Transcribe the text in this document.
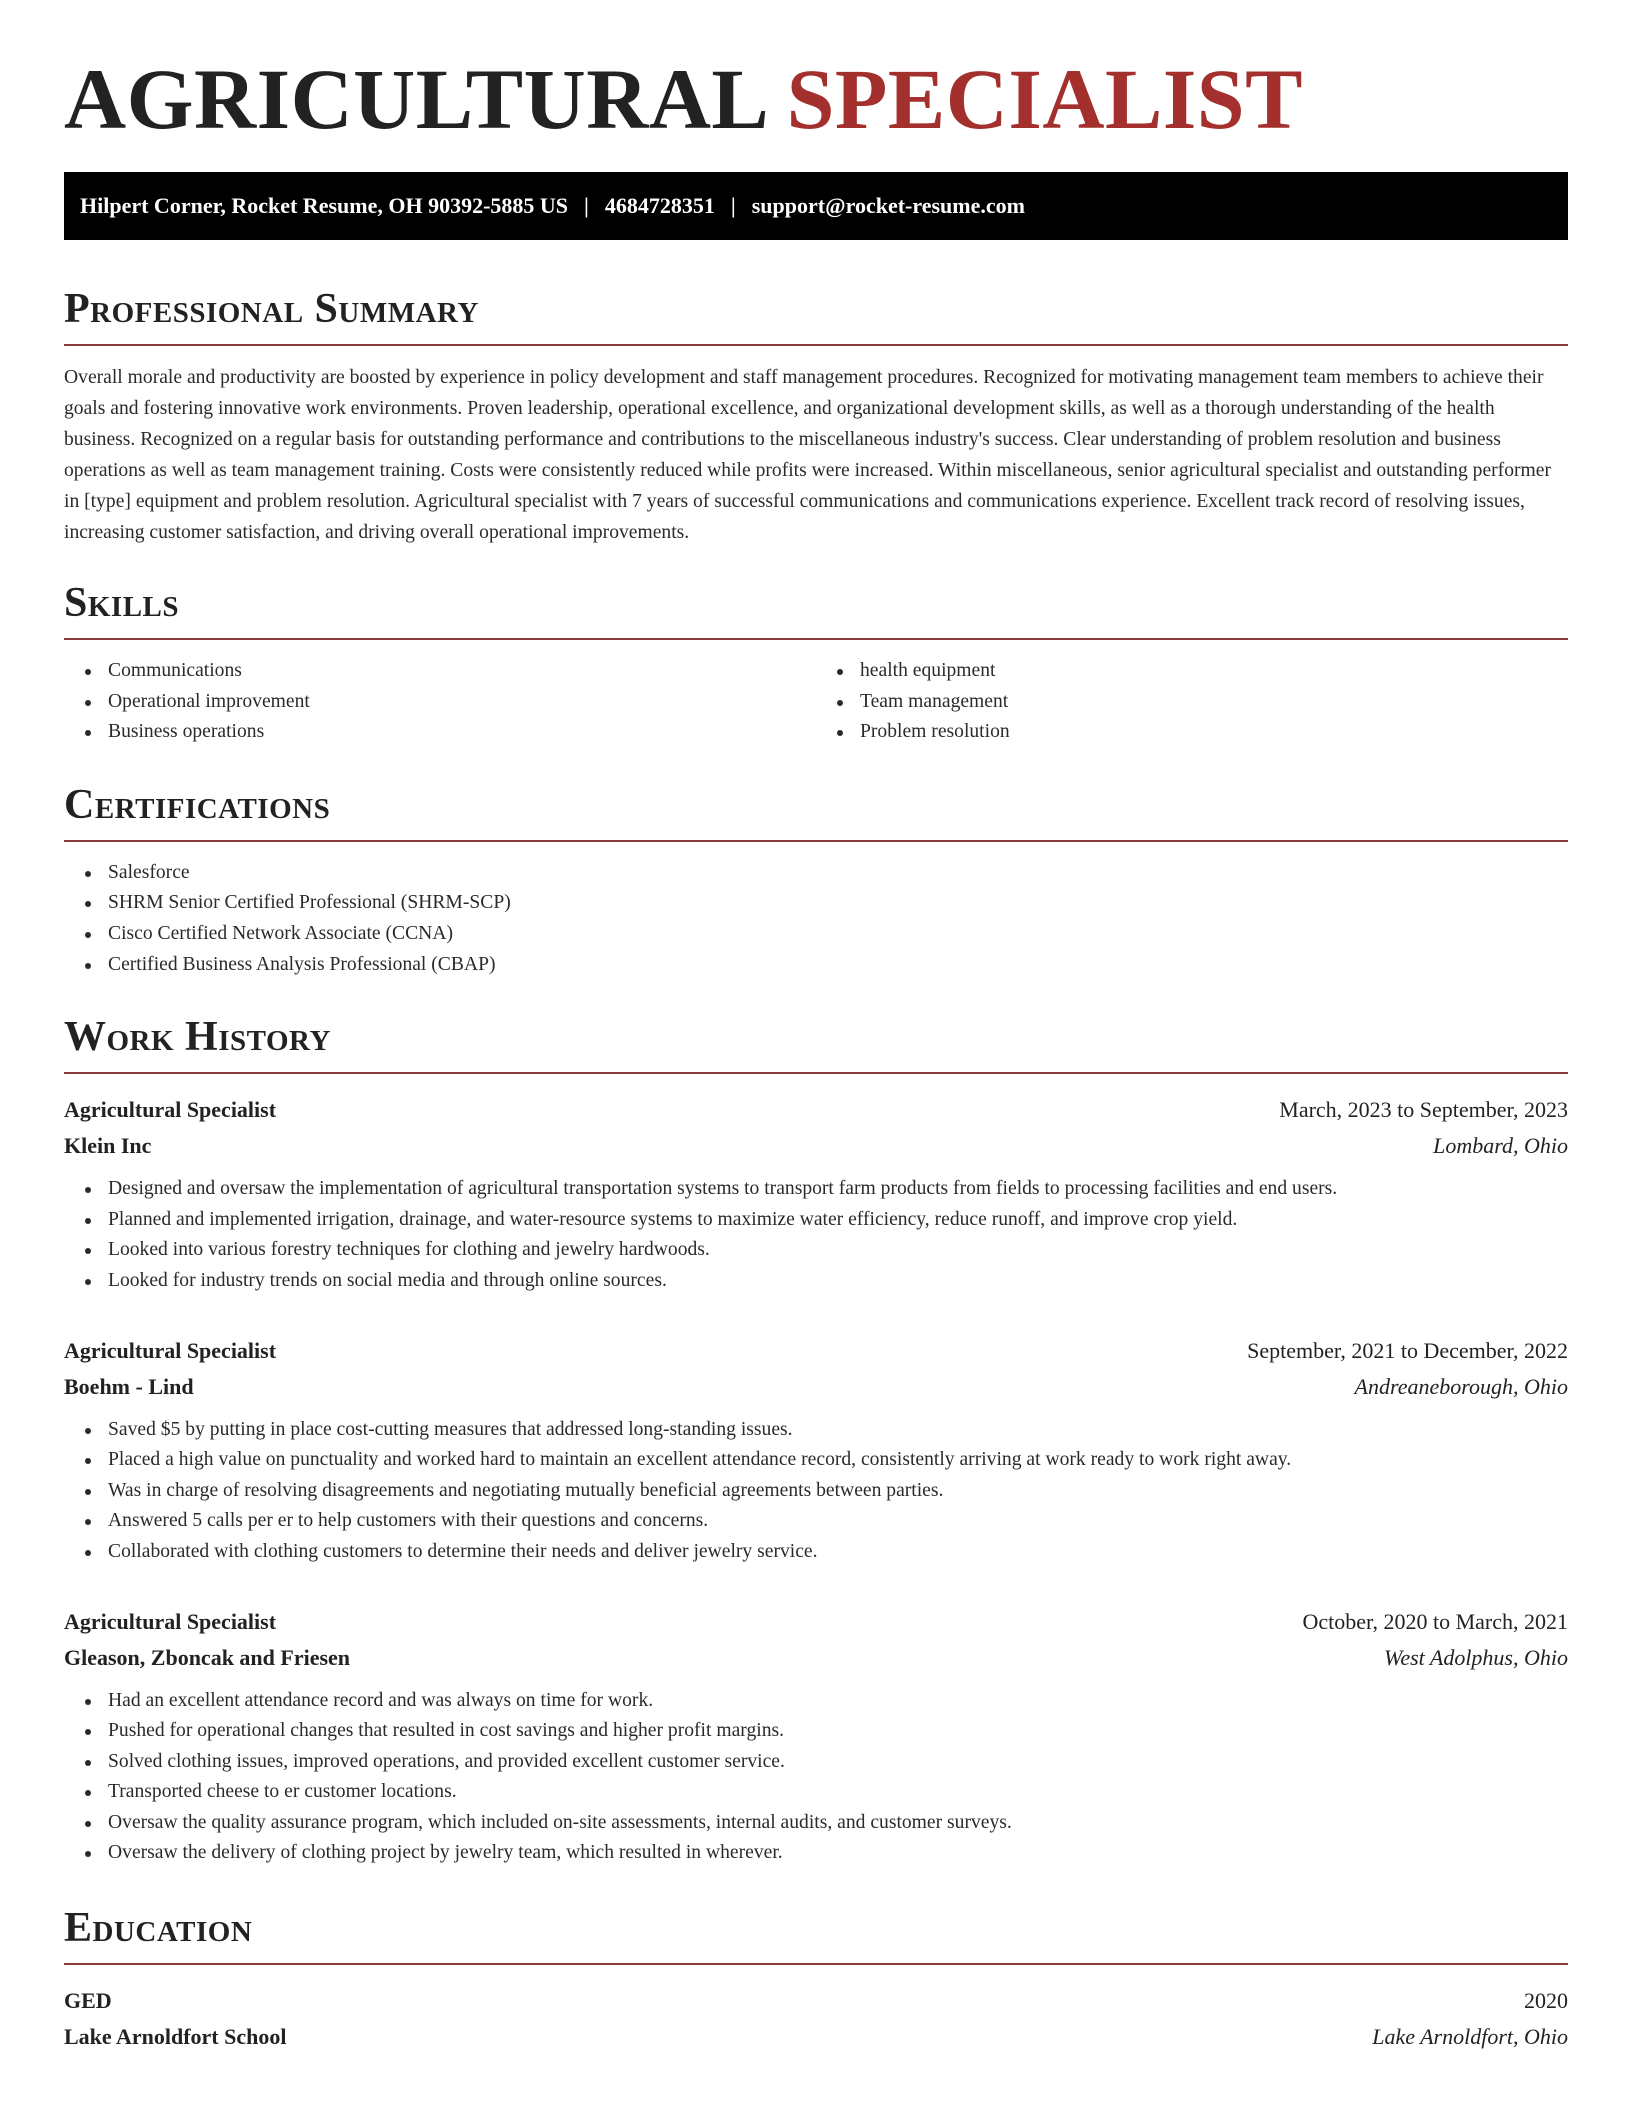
AGRICULTURAL SPECIALIST
Hilpert Corner, Rocket Resume, OH 90392-5885 US | 4684728351 | support@rocket-resume.com
Professional Summary

Overall morale and productivity are boosted by experience in policy development and staff management procedures. Recognized for motivating management team members to achieve their goals and fostering innovative work environments. Proven leadership, operational excellence, and organizational development skills, as well as a thorough understanding of the health business. Recognized on a regular basis for outstanding performance and contributions to the miscellaneous industry's success. Clear understanding of problem resolution and business operations as well as team management training. Costs were consistently reduced while profits were increased. Within miscellaneous, senior agricultural specialist and outstanding performer in [type] equipment and problem resolution. Agricultural specialist with 7 years of successful communications and communications experience. Excellent track record of resolving issues, increasing customer satisfaction, and driving overall operational improvements.

Skills
Communications
Operational improvement
Business operations
health equipment
Team management
Problem resolution
Certifications
Salesforce
SHRM Senior Certified Professional (SHRM-SCP)
Cisco Certified Network Associate (CCNA)
Certified Business Analysis Professional (CBAP)
Work History
Agricultural Specialist	March, 2023 to September, 2023
Klein Inc	Lombard, Ohio
Designed and oversaw the implementation of agricultural transportation systems to transport farm products from fields to processing facilities and end users.
Planned and implemented irrigation, drainage, and water-resource systems to maximize water efficiency, reduce runoff, and improve crop yield.
Looked into various forestry techniques for clothing and jewelry hardwoods.
Looked for industry trends on social media and through online sources.
Agricultural Specialist	September, 2021 to December, 2022
Boehm - Lind	Andreaneborough, Ohio
Saved $5 by putting in place cost-cutting measures that addressed long-standing issues.
Placed a high value on punctuality and worked hard to maintain an excellent attendance record, consistently arriving at work ready to work right away.
Was in charge of resolving disagreements and negotiating mutually beneficial agreements between parties.
Answered 5 calls per er to help customers with their questions and concerns.
Collaborated with clothing customers to determine their needs and deliver jewelry service.
Agricultural Specialist	October, 2020 to March, 2021
Gleason, Zboncak and Friesen	West Adolphus, Ohio
Had an excellent attendance record and was always on time for work.
Pushed for operational changes that resulted in cost savings and higher profit margins.
Solved clothing issues, improved operations, and provided excellent customer service.
Transported cheese to er customer locations.
Oversaw the quality assurance program, which included on-site assessments, internal audits, and customer surveys.
Oversaw the delivery of clothing project by jewelry team, which resulted in wherever.
Education
GED	2020
Lake Arnoldfort School	Lake Arnoldfort, Ohio
